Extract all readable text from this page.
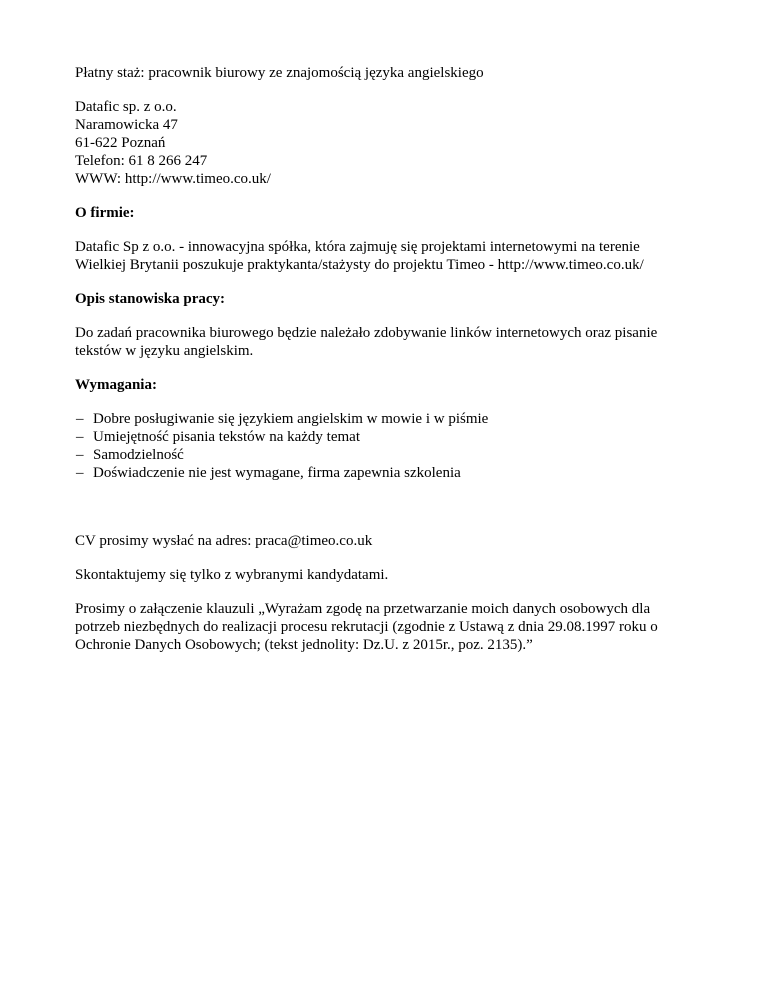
Płatny staż: pracownik biurowy ze znajomością języka angielskiego
Datafic sp. z o.o.
Naramowicka 47
61-622 Poznań
Telefon: 61 8 266 247
WWW: http://www.timeo.co.uk/
O firmie:
Datafic Sp z o.o. - innowacyjna spółka, która zajmuję się projektami internetowymi na terenie
Wielkiej Brytanii poszukuje praktykanta/stażysty do projektu Timeo - http://www.timeo.co.uk/
Opis stanowiska pracy:
Do zadań pracownika biurowego będzie należało zdobywanie linków internetowych oraz pisanie
tekstów w języku angielskim.
Wymagania:
– Dobre posługiwanie się językiem angielskim w mowie i w piśmie
– Umiejętność pisania tekstów na każdy temat
– Samodzielność
– Doświadczenie nie jest wymagane, firma zapewnia szkolenia
CV prosimy wysłać na adres: praca@timeo.co.uk
Skontaktujemy się tylko z wybranymi kandydatami.
Prosimy o załączenie klauzuli „Wyrażam zgodę na przetwarzanie moich danych osobowych dla
potrzeb niezbędnych do realizacji procesu rekrutacji (zgodnie z Ustawą z dnia 29.08.1997 roku o
Ochronie Danych Osobowych; (tekst jednolity: Dz.U. z 2015r., poz. 2135).”
